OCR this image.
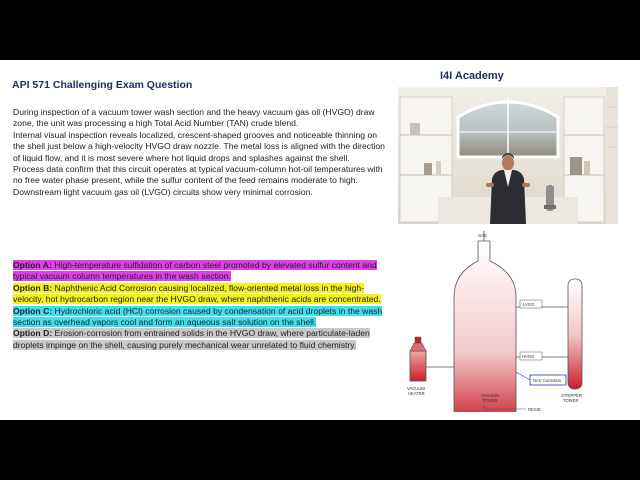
API 571 Challenging Exam Question

During inspection of a vacuum tower wash section and the heavy vacuum gas oil (HVGO) draw zone, the unit was processing a high Total Acid Number (TAN) crude blend.

Internal visual inspection reveals localized, crescent-shaped grooves and noticeable thinning on the shell just below a high-velocity HVGO draw nozzle. The metal loss is aligned with the direction of liquid flow, and it is most severe where hot liquid drops and splashes against the shell.

Process data confirm that this circuit operates at typical vacuum-column hot-oil temperatures with no free water phase present, while the sulfur content of the feed remains moderate to high.

Downstream light vacuum gas oil (LVGO) circuits show very minimal corrosion.

Option A: High-temperature sulfidation of carbon steel promoted by elevated sulfur content and typical vacuum column temperatures in the wash section.

Option B: Naphthenic Acid Corrosion causing localized, flow-oriented metal loss in the high-velocity, hot hydrocarbon region near the HVGO draw, where naphthenic acids are concentrated.

Option C: Hydrochloric acid (HCl) corrosion caused by condensation of acid droplets in the wash section as overhead vapors cool and form an aqueous salt solution on the shell.

Option D: Erosion-corrosion from entrained solids in the HVGO draw, where particulate-laden droplets impinge on the shell, causing purely mechanical wear unrelated to fluid chemistry.

I4I Academy
GAS
STRIPPER
TOWER
LVGO
HVGO
NAC Corrosion
VACUUM
HEATER	VACUUM
TOWER
RESID
